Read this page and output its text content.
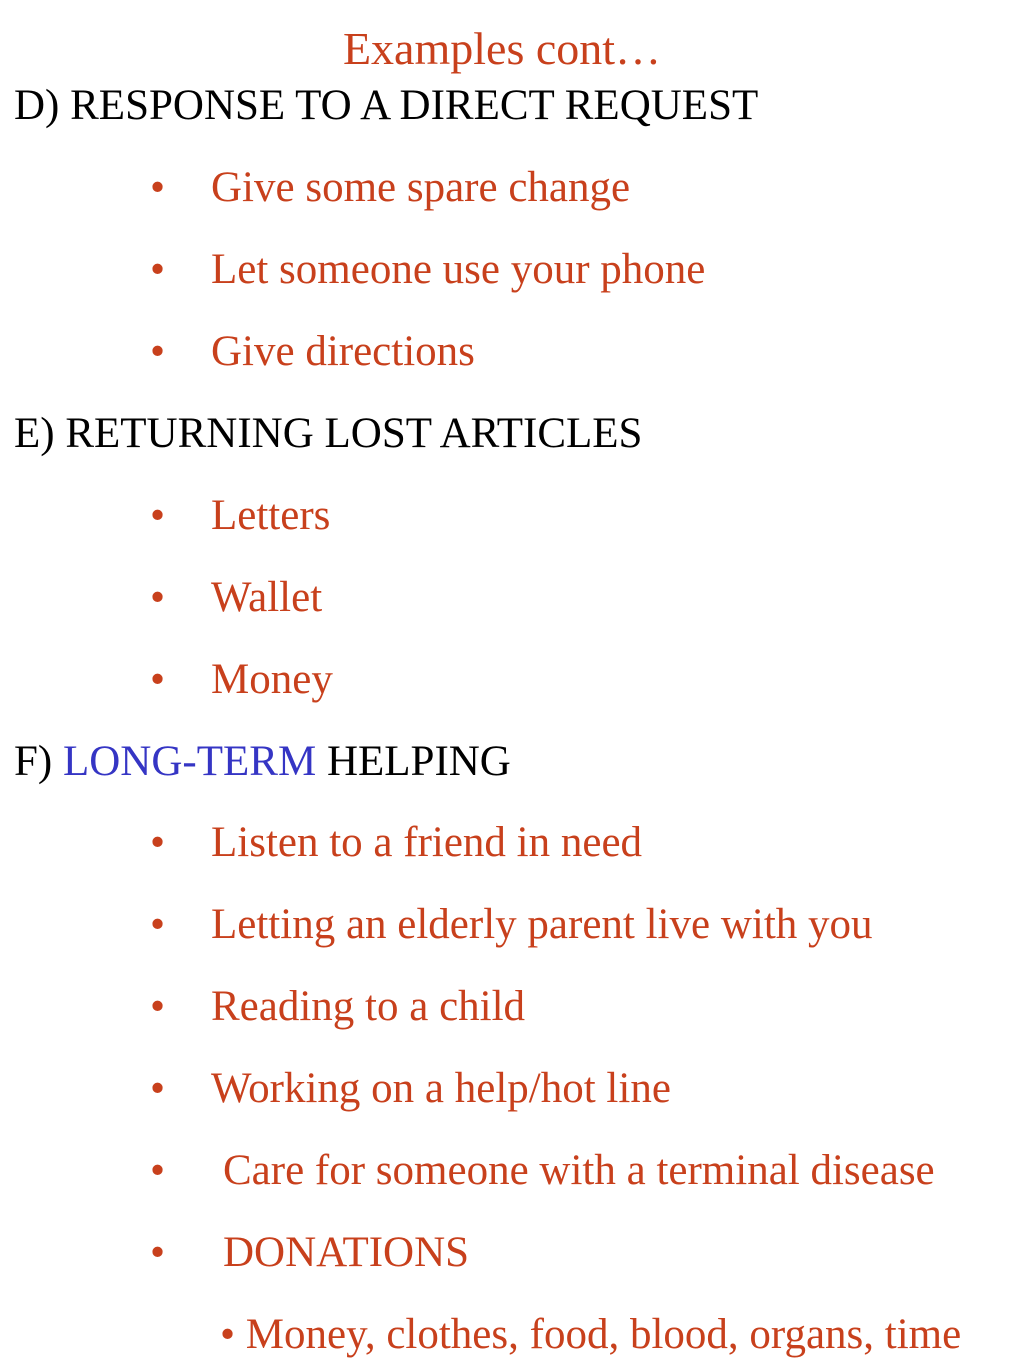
Examples cont…
D) RESPONSE TO A DIRECT REQUEST
• Give some spare change
• Let someone use your phone
• Give directions
E) RETURNING LOST ARTICLES
• Letters
• Wallet
• Money
F) LONG-TERM HELPING
• Listen to a friend in need
• Letting an elderly parent live with you
• Reading to a child
• Working on a help/hot line
• Care for someone with a terminal disease
• DONATIONS
• Money, clothes, food, blood, organs, time
